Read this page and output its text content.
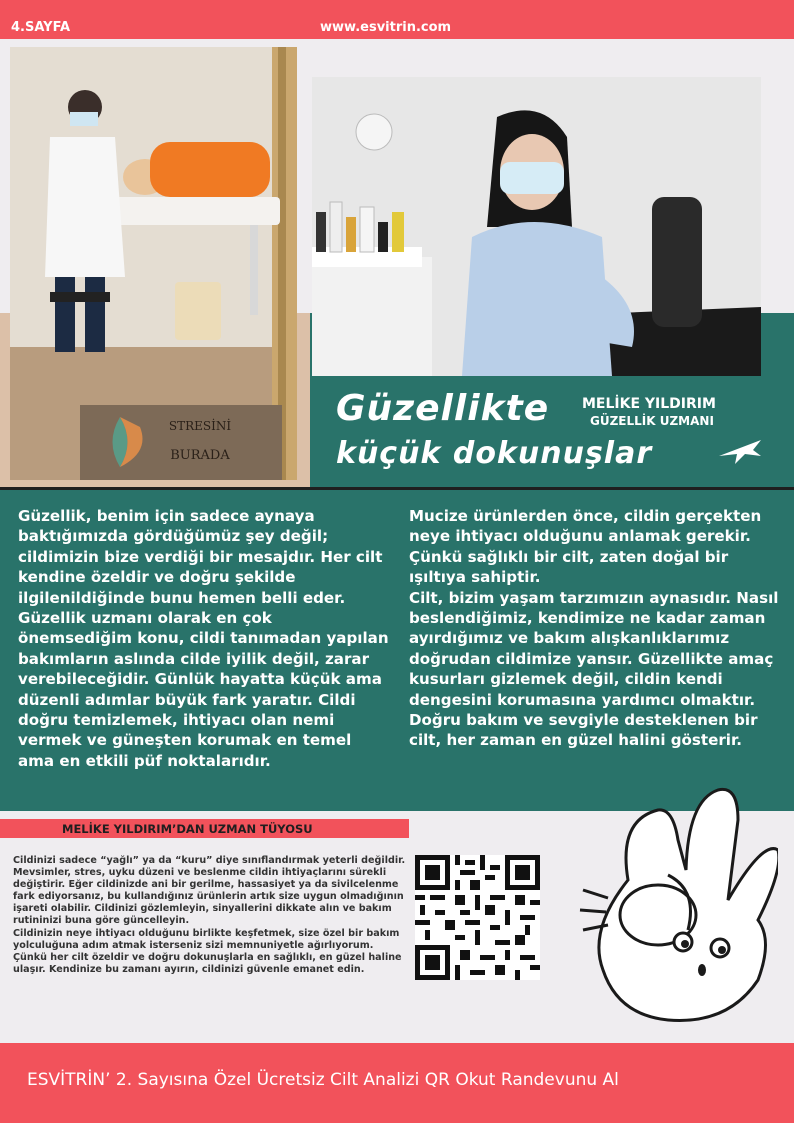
4.SAYFA	www.esvitrin.com
STRESİNİ
BURADA
Güzellikte
küçük dokunuşlar
MELİKE YILDIRIM
GÜZELLİK UZMANI

Güzellik, benim için sadece aynaya baktığımızda gördüğümüz şey değil; cildimizin bize verdiği bir mesajdır. Her cilt kendine özeldir ve doğru şekilde ilgilenildiğinde bunu hemen belli eder. Güzellik uzmanı olarak en çok önemsediğim konu, cildi tanımadan yapılan bakımların aslında cilde iyilik değil, zarar verebileceğidir. Günlük hayatta küçük ama düzenli adımlar büyük fark yaratır. Cildi doğru temizlemek, ihtiyacı olan nemi vermek ve güneşten korumak en temel ama en etkili püf noktalarıdır.

Mucize ürünlerden önce, cildin gerçekten neye ihtiyacı olduğunu anlamak gerekir. Çünkü sağlıklı bir cilt, zaten doğal bir ışıltıya sahiptir.

Cilt, bizim yaşam tarzımızın aynasıdır. Nasıl beslendiğimiz, kendimize ne kadar zaman ayırdığımız ve bakım alışkanlıklarımız doğrudan cildimize yansır. Güzellikte amaç kusurları gizlemek değil, cildin kendi dengesini korumasına yardımcı olmaktır. Doğru bakım ve sevgiyle desteklenen bir cilt, her zaman en güzel halini gösterir.

MELİKE YILDIRIM’DAN UZMAN TÜYOSU

Cildinizi sadece “yağlı” ya da “kuru” diye sınıflandırmak yeterli değildir. Mevsimler, stres, uyku düzeni ve beslenme cildin ihtiyaçlarını sürekli değiştirir. Eğer cildinizde ani bir gerilme, hassasiyet ya da sivilcelenme fark ediyorsanız, bu kullandığınız ürünlerin artık size uygun olmadığının işareti olabilir. Cildinizi gözlemleyin, sinyallerini dikkate alın ve bakım rutininizi buna göre güncelleyin.

Cildinizin neye ihtiyacı olduğunu birlikte keşfetmek, size özel bir bakım yolculuğuna adım atmak isterseniz sizi memnuniyetle ağırlıyorum. Çünkü her cilt özeldir ve doğru dokunuşlarla en sağlıklı, en güzel haline ulaşır. Kendinize bu zamanı ayırın, cildinizi güvenle emanet edin.

ESVİTRİN’ 2. Sayısına Özel Ücretsiz Cilt Analizi QR Okut Randevunu Al
